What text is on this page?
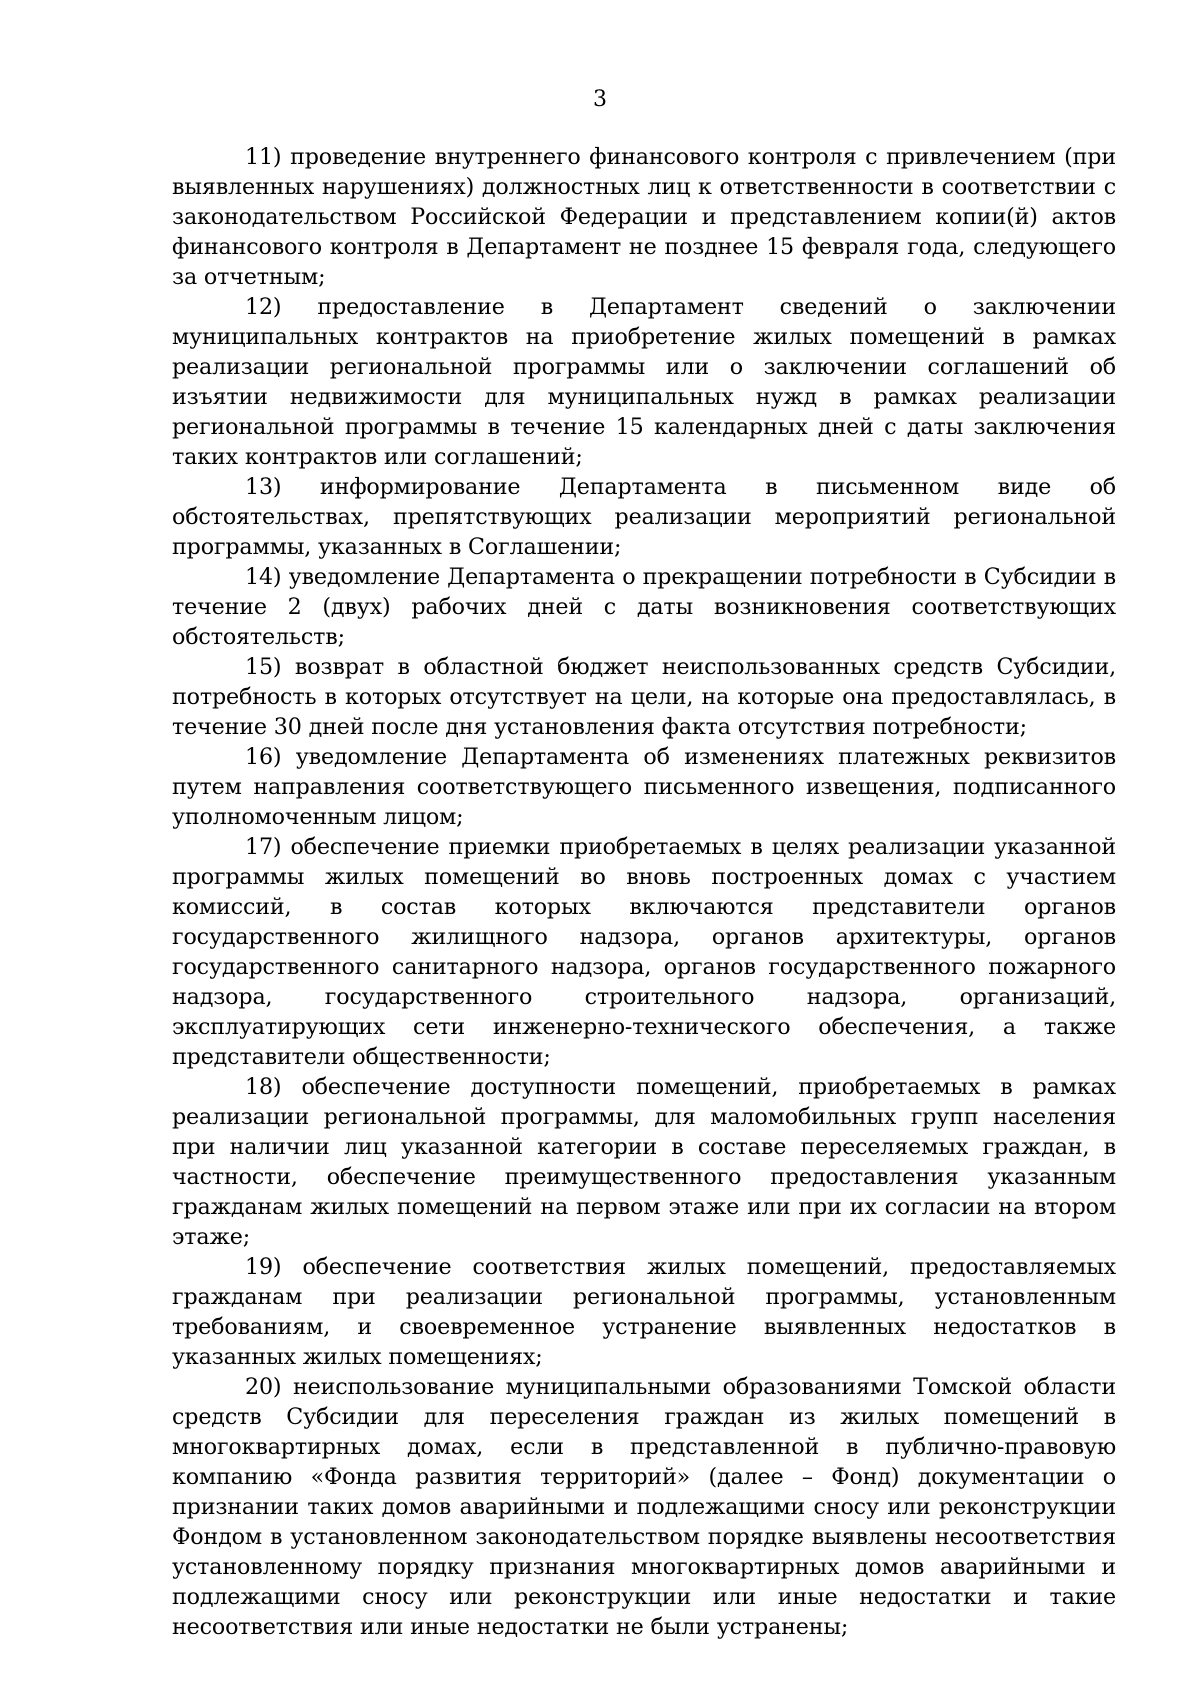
3

11) проведение внутреннего финансового контроля с привлечением (при выявленных нарушениях) должностных лиц к ответственности в соответствии с законодательством Российской Федерации и представлением копии(й) актов финансового контроля в Департамент не позднее 15 февраля года, следующего за отчетным;

12) предоставление в Департамент сведений о заключении муниципальных контрактов на приобретение жилых помещений в рамках реализации региональной программы или о заключении соглашений об изъятии недвижимости для муниципальных нужд в рамках реализации региональной программы в течение 15 календарных дней с даты заключения таких контрактов или соглашений;

13) информирование Департамента в письменном виде об обстоятельствах, препятствующих реализации мероприятий региональной программы, указанных в Соглашении;

14) уведомление Департамента о прекращении потребности в Субсидии в течение 2 (двух) рабочих дней с даты возникновения соответствующих обстоятельств;

15) возврат в областной бюджет неиспользованных средств Субсидии, потребность в которых отсутствует на цели, на которые она предоставлялась, в течение 30 дней после дня установления факта отсутствия потребности;

16) уведомление Департамента об изменениях платежных реквизитов путем направления соответствующего письменного извещения, подписанного уполномоченным лицом;

17) обеспечение приемки приобретаемых в целях реализации указанной программы жилых помещений во вновь построенных домах с участием комиссий, в состав которых включаются представители органов государственного жилищного надзора, органов архитектуры, органов государственного санитарного надзора, органов государственного пожарного надзора, государственного строительного надзора, организаций, эксплуатирующих сети инженерно-технического обеспечения, а также представители общественности;

18) обеспечение доступности помещений, приобретаемых в рамках реализации региональной программы, для маломобильных групп населения при наличии лиц указанной категории в составе переселяемых граждан, в частности, обеспечение преимущественного предоставления указанным гражданам жилых помещений на первом этаже или при их согласии на втором этаже;

19) обеспечение соответствия жилых помещений, предоставляемых гражданам при реализации региональной программы, установленным требованиям, и своевременное устранение выявленных недостатков в указанных жилых помещениях;

20) неиспользование муниципальными образованиями Томской области средств Субсидии для переселения граждан из жилых помещений в многоквартирных домах, если в представленной в публично-правовую компанию «Фонда развития территорий» (далее – Фонд) документации о признании таких домов аварийными и подлежащими сносу или реконструкции Фондом в установленном законодательством порядке выявлены несоответствия установленному порядку признания многоквартирных домов аварийными и подлежащими сносу или реконструкции или иные недостатки и такие несоответствия или иные недостатки не были устранены;
